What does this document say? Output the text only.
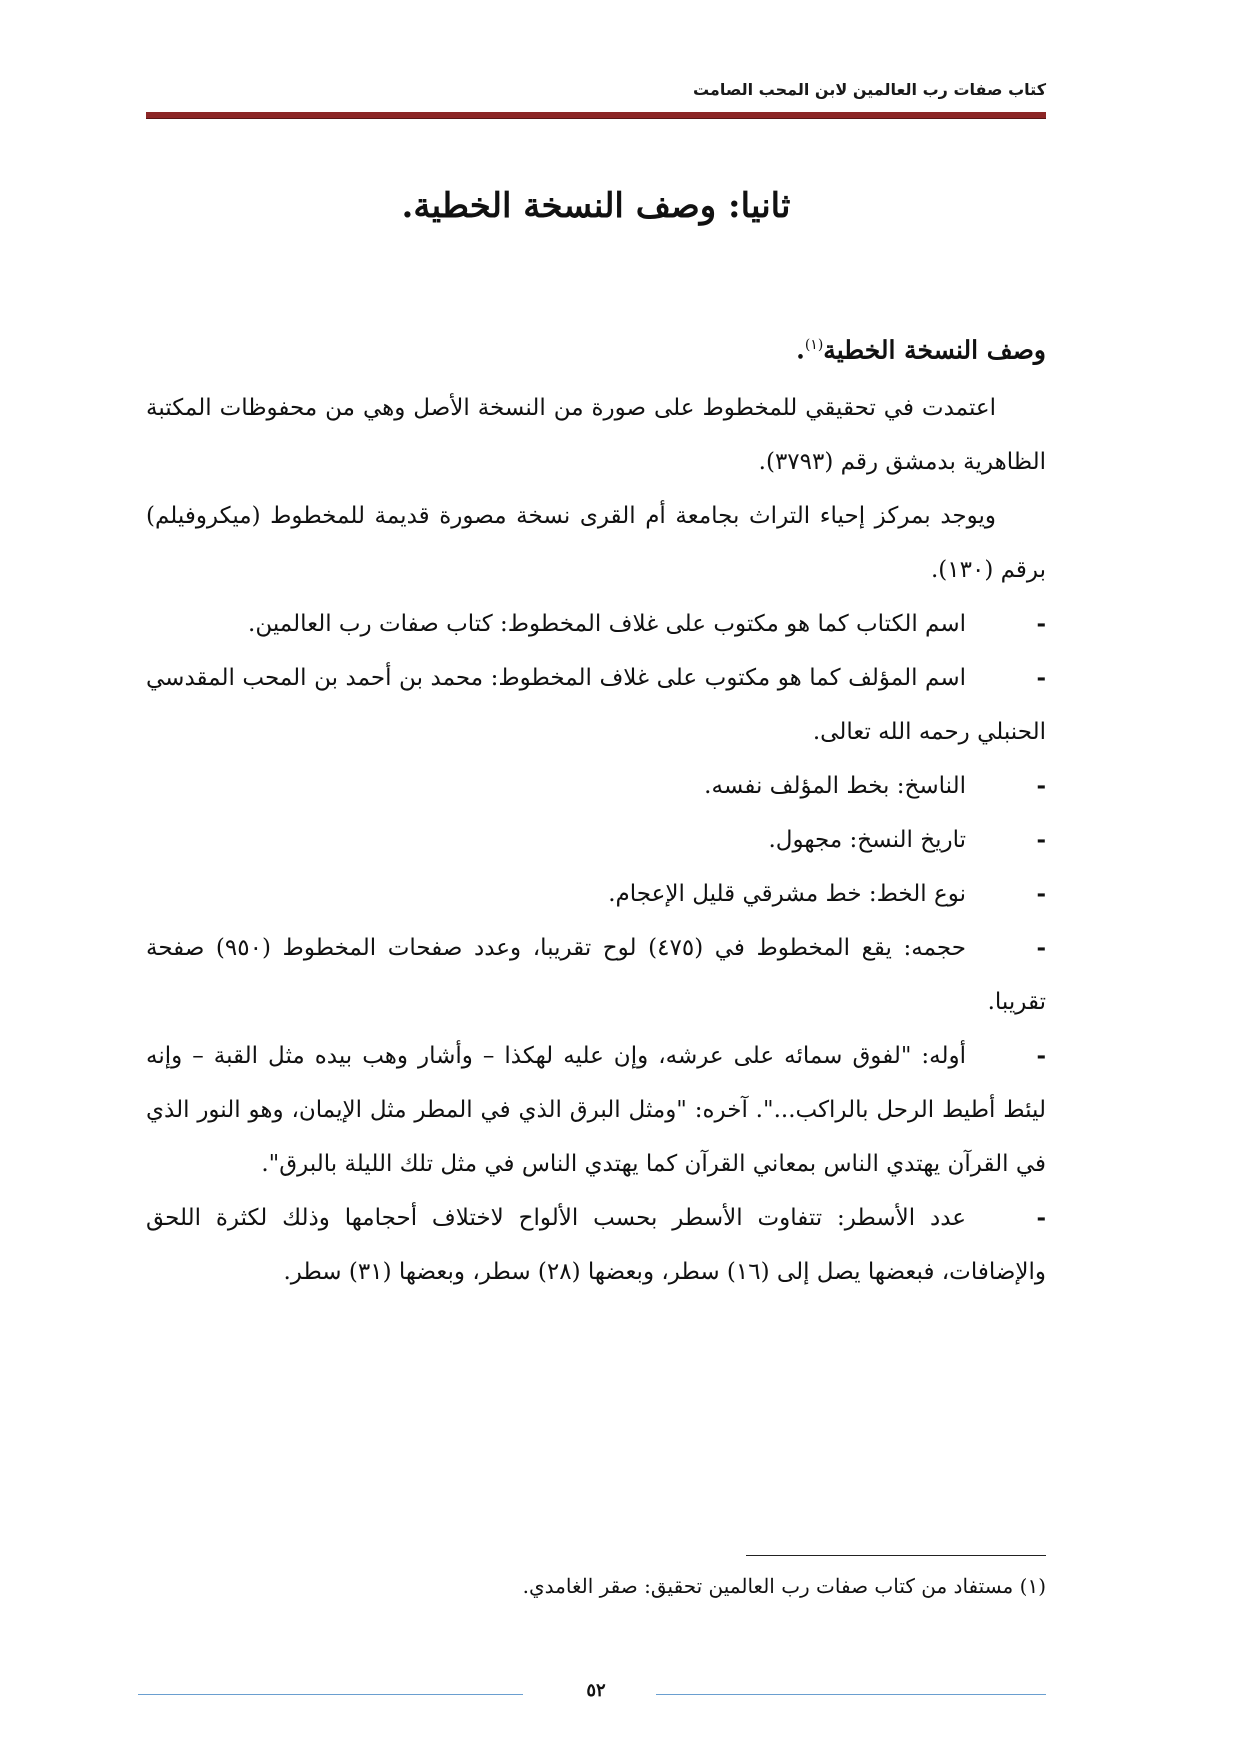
كتاب صفات رب العالمين لابن المحب الصامت
ثانيا: وصف النسخة الخطية.

وصف النسخة الخطية$^{(١)}$.

اعتمدت في تحقيقي للمخطوط على صورة من النسخة الأصل وهي من محفوظات المكتبة الظاهرية بدمشق رقم (٣٧٩٣).

ويوجد بمركز إحياء التراث بجامعة أم القرى نسخة مصورة قديمة للمخطوط (ميكروفيلم) برقم (١٣٠).

-اسم الكتاب كما هو مكتوب على غلاف المخطوط: كتاب صفات رب العالمين.

-اسم المؤلف كما هو مكتوب على غلاف المخطوط: محمد بن أحمد بن المحب المقدسي الحنبلي رحمه الله تعالى.

-الناسخ: بخط المؤلف نفسه.

-تاريخ النسخ: مجهول.

-نوع الخط: خط مشرقي قليل الإعجام.

-حجمه: يقع المخطوط في (٤٧٥) لوح تقريبا، وعدد صفحات المخطوط (٩٥٠) صفحة تقريبا.

-أوله: "لفوق سمائه على عرشه، وإن عليه لهكذا – وأشار وهب بيده مثل القبة – وإنه ليئط أطيط الرحل بالراكب...". آخره: "ومثل البرق الذي في المطر مثل الإيمان، وهو النور الذي في القرآن يهتدي الناس بمعاني القرآن كما يهتدي الناس في مثل تلك الليلة بالبرق".

-عدد الأسطر: تتفاوت الأسطر بحسب الألواح لاختلاف أحجامها وذلك لكثرة اللحق والإضافات، فبعضها يصل إلى (١٦) سطر، وبعضها (٢٨) سطر، وبعضها (٣١) سطر.

(١) مستفاد من كتاب صفات رب العالمين تحقيق: صقر الغامدي.

٥٢
